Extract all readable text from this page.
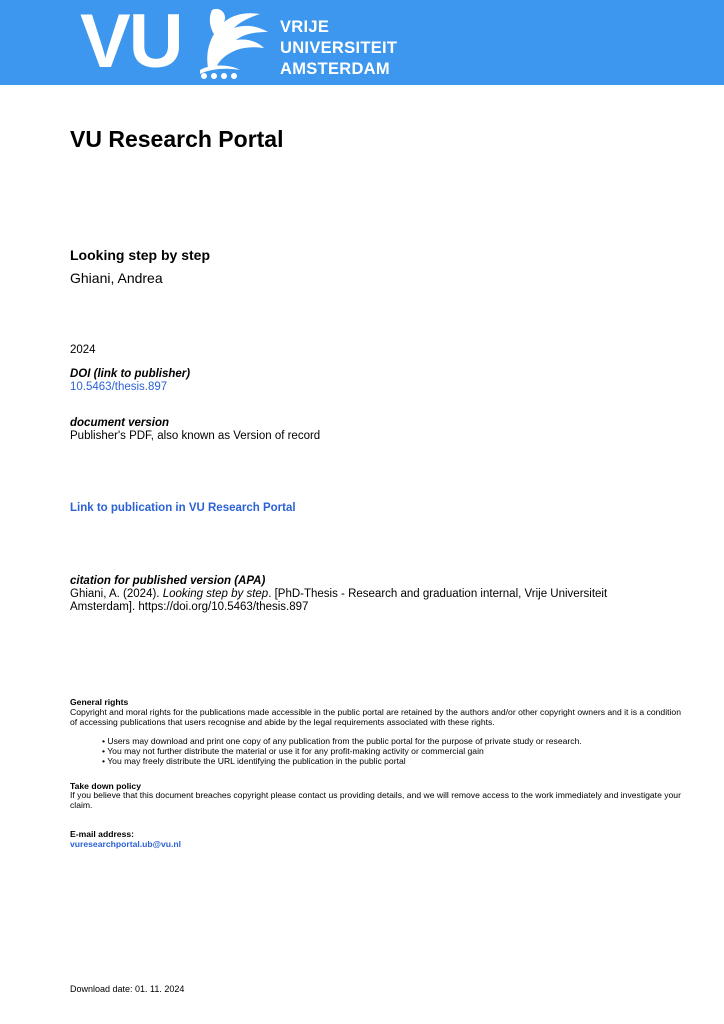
VU	VRIJE
UNIVERSITEIT
AMSTERDAM
VU Research Portal
Looking step by step
Ghiani, Andrea
2024
DOI (link to publisher)
10.5463/thesis.897
document version
Publisher's PDF, also known as Version of record
Link to publication in VU Research Portal
citation for published version (APA)
Ghiani, A. (2024). Looking step by step. [PhD-Thesis - Research and graduation internal, Vrije Universiteit Amsterdam]. https://doi.org/10.5463/thesis.897
General rights
Copyright and moral rights for the publications made accessible in the public portal are retained by the authors and/or other copyright owners and it is a condition of accessing publications that users recognise and abide by the legal requirements associated with these rights.
• Users may download and print one copy of any publication from the public portal for the purpose of private study or research.
• You may not further distribute the material or use it for any profit-making activity or commercial gain
• You may freely distribute the URL identifying the publication in the public portal
Take down policy
If you believe that this document breaches copyright please contact us providing details, and we will remove access to the work immediately and investigate your claim.
E-mail address:
vuresearchportal.ub@vu.nl
Download date: 01. 11. 2024
